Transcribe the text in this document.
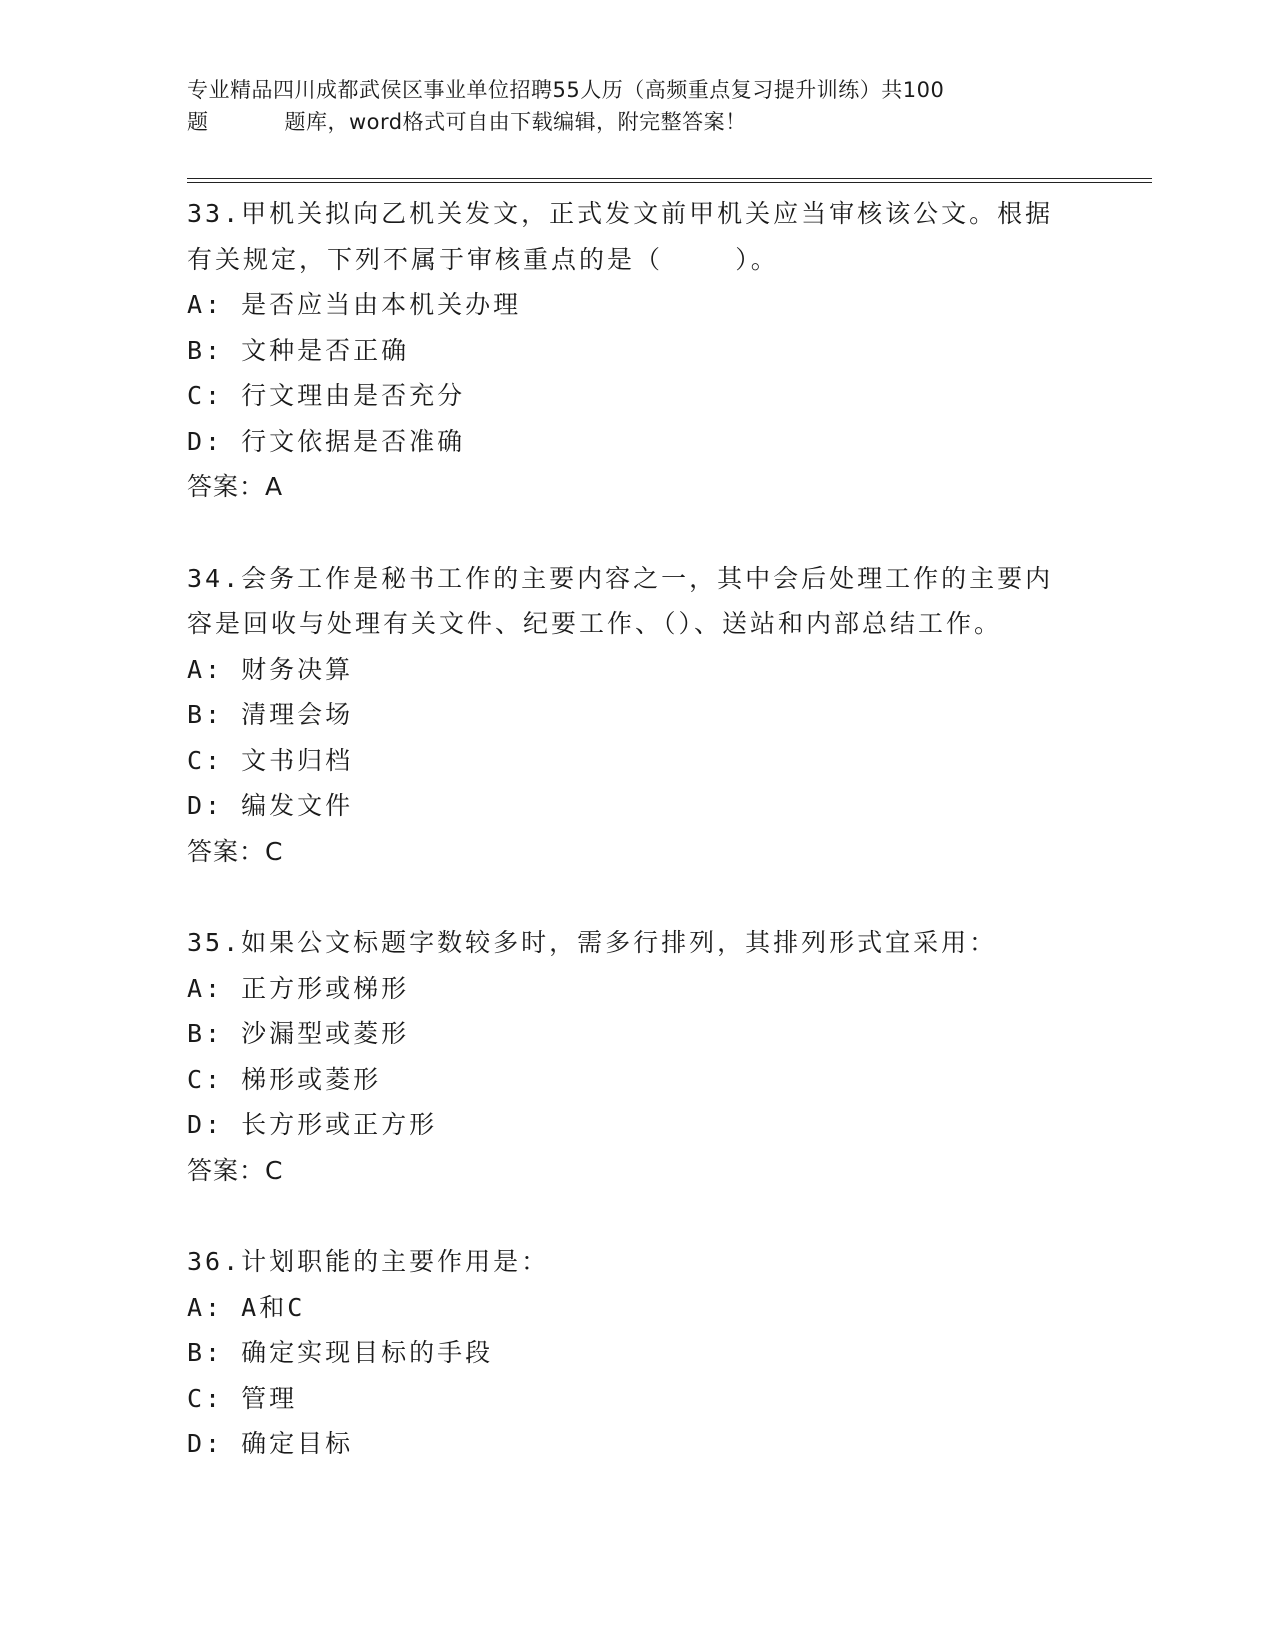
专业精品四川成都武侯区事业单位招聘55人历（高频重点复习提升训练）共100
题	题库，word格式可自由下载编辑，附完整答案！
33.甲机关拟向乙机关发文，正式发文前甲机关应当审核该公文。根据有关规定，下列不属于审核重点的是（    ）。
A: 是否应当由本机关办理
B: 文种是否正确
C: 行文理由是否充分
D: 行文依据是否准确
答案：A
34.会务工作是秘书工作的主要内容之一，其中会后处理工作的主要内容是回收与处理有关文件、纪要工作、（）、送站和内部总结工作。
A: 财务决算
B: 清理会场
C: 文书归档
D: 编发文件
答案：C
35.如果公文标题字数较多时，需多行排列，其排列形式宜采用：
A: 正方形或梯形
B: 沙漏型或菱形
C: 梯形或菱形
D: 长方形或正方形
答案：C
36.计划职能的主要作用是：
A: A和C
B: 确定实现目标的手段
C: 管理
D: 确定目标
